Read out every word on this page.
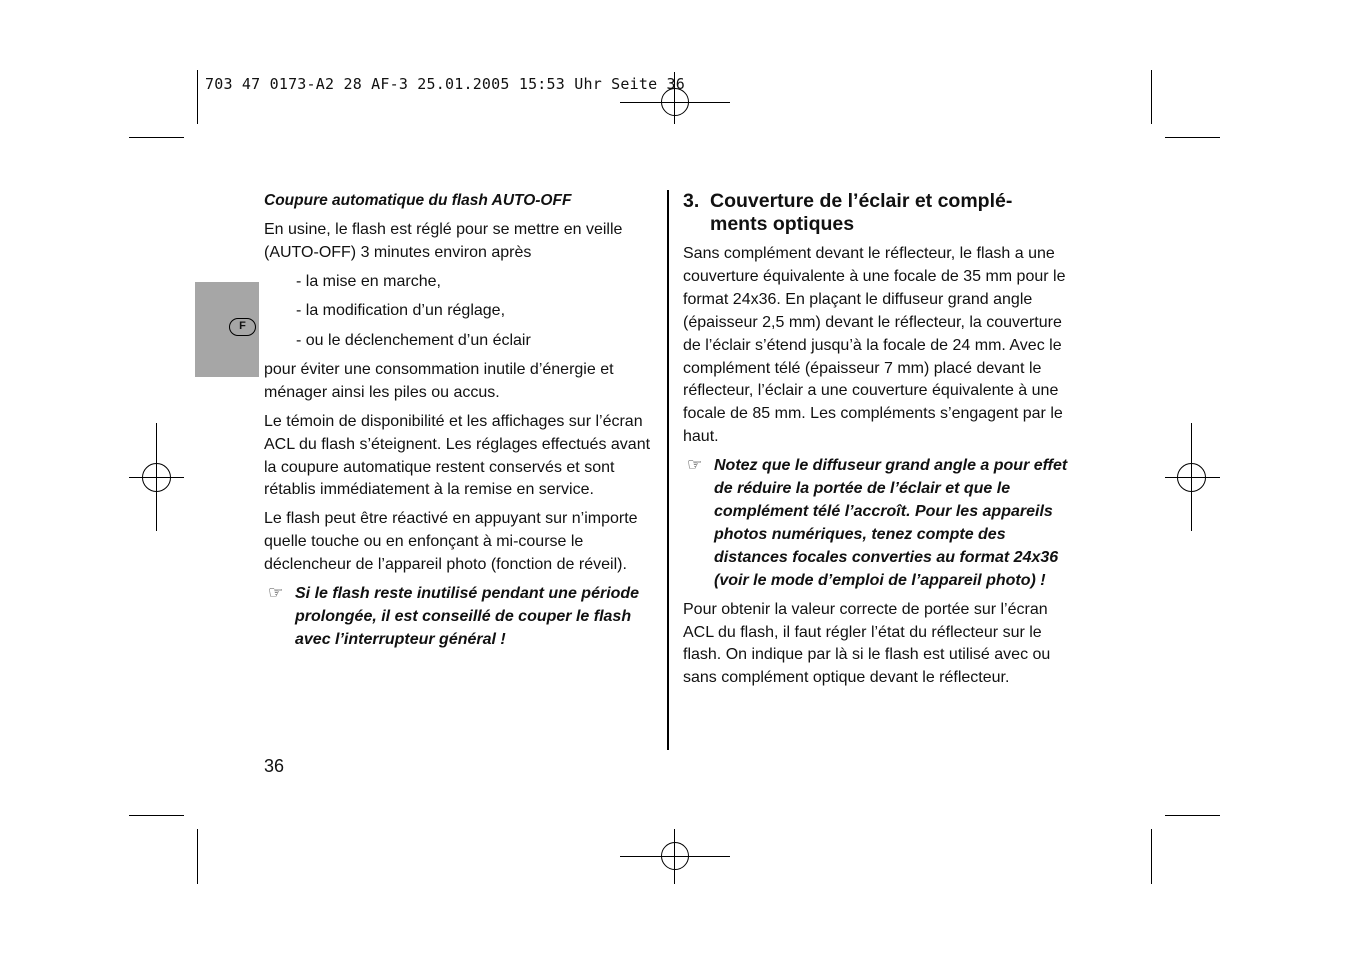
703 47 0173-A2 28 AF-3 25.01.2005 15:53 Uhr Seite 36
F
Coupure automatique du flash AUTO-OFF

En usine, le flash est réglé pour se mettre en veille (AUTO-OFF) 3 minutes environ après

- la mise en marche,
- la modification d’un réglage,
- ou le déclenchement d’un éclair

pour éviter une consommation inutile d’énergie et ménager ainsi les piles ou accus.

Le témoin de disponibilité et les affichages sur l’écran ACL du flash s’éteignent. Les réglages effectués avant la coupure automatique restent conservés et sont rétablis immédiatement à la remise en service.

Le flash peut être réactivé en appuyant sur n’importe quelle touche ou en enfonçant à mi-course le déclencheur de l’appareil photo (fonction de réveil).

☞ Si le flash reste inutilisé pendant une période prolongée, il est conseillé de couper le flash avec l’interrupteur général !
3. Couverture de l’éclair et complé-
ments optiques

Sans complément devant le réflecteur, le flash a une couverture équivalente à une focale de 35 mm pour le format 24x36. En plaçant le diffuseur grand angle (épaisseur 2,5 mm) devant le réflecteur, la couverture de l’éclair s’étend jusqu’à la focale de 24 mm. Avec le complément télé (épaisseur 7 mm) placé devant le réflecteur, l’éclair a une couverture équivalente à une focale de 85 mm. Les compléments s’engagent par le haut.

☞ Notez que le diffuseur grand angle a pour effet de réduire la portée de l’éclair et que le complément télé l’accroît. Pour les appareils photos numériques, tenez compte des distances focales converties au format 24x36 (voir le mode d’emploi de l’appareil photo) !

Pour obtenir la valeur correcte de portée sur l’écran ACL du flash, il faut régler l’état du réflecteur sur le flash. On indique par là si le flash est utilisé avec ou sans complément optique devant le réflecteur.

36
